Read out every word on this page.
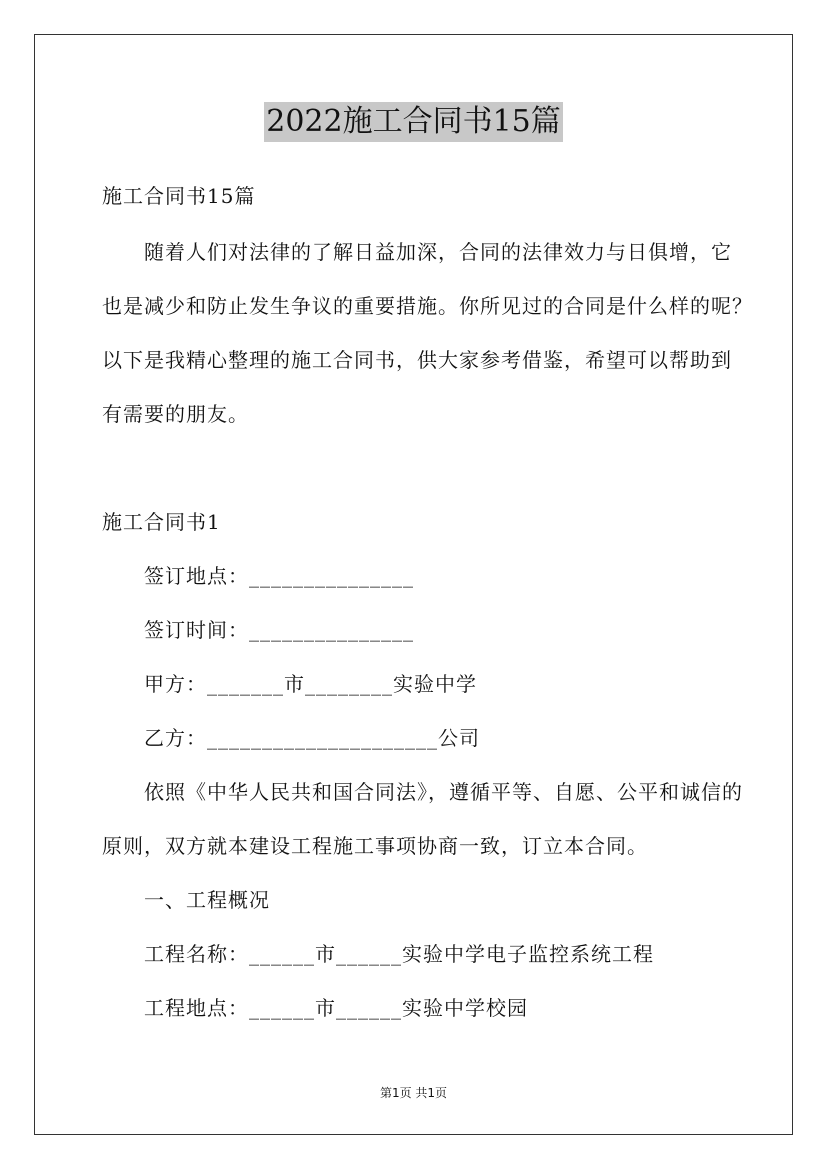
2022施工合同书15篇
施工合同书15篇
随着人们对法律的了解日益加深，合同的法律效力与日俱增，它
也是减少和防止发生争议的重要措施。你所见过的合同是什么样的呢？
以下是我精心整理的施工合同书，供大家参考借鉴，希望可以帮助到
有需要的朋友。
施工合同书1
签订地点：_______________
签订时间：_______________
甲方：_______市________实验中学
乙方：_____________________公司
依照《中华人民共和国合同法》，遵循平等、自愿、公平和诚信的
原则，双方就本建设工程施工事项协商一致，订立本合同。
一、工程概况
工程名称：______市______实验中学电子监控系统工程
工程地点：______市______实验中学校园
第1页 共1页
